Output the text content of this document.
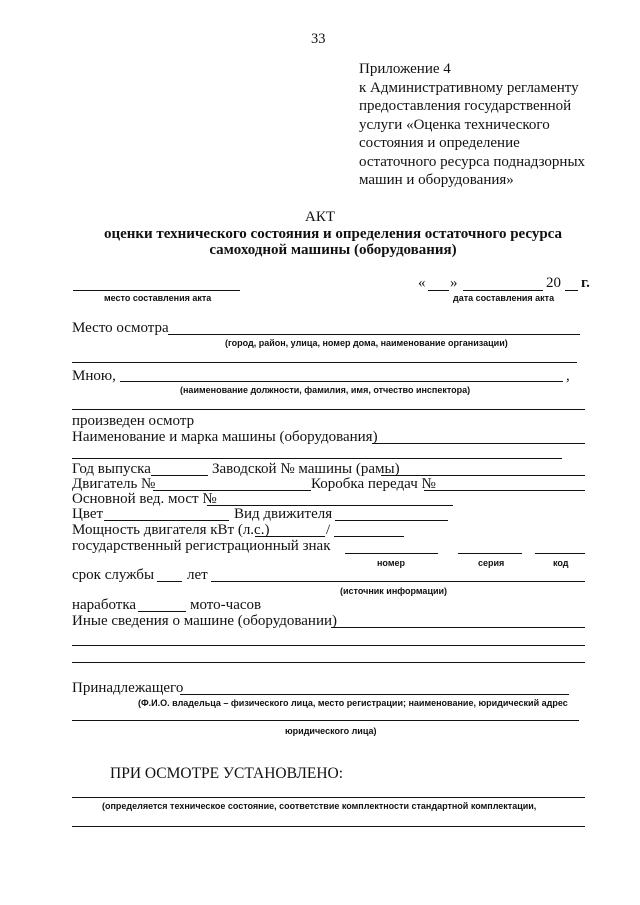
33
Приложение 4
к Административному регламенту
предоставления государственной
услуги «Оценка технического
состояния и определение
остаточного ресурса поднадзорных
машин и оборудования»
АКТ
оценки технического состояния и определения остаточного ресурса
самоходной машины (оборудования)
место составления акта
« »	20 г.
дата составления акта
Место осмотра
(город, район, улица, номер дома, наименование организации)
Мною,	,
(наименование должности, фамилия, имя, отчество инспектора)
произведен осмотр
Наименование и марка машины (оборудования)
Год выпуска	Заводской № машины (рамы)
Двигатель №	Коробка передач №
Основной вед. мост №
Цвет	Вид движителя
Мощность двигателя кВт (л.с.)	/
государственный регистрационный знак
номер	серия	код
срок службы лет
(источник информации)
наработка	мото-часов
Иные сведения о машине (оборудовании)
Принадлежащего
(Ф.И.О. владельца – физического лица, место регистрации; наименование, юридический адрес
юридического лица)
ПРИ ОСМОТРЕ УСТАНОВЛЕНО:
(определяется техническое состояние, соответствие комплектности стандартной комплектации,
